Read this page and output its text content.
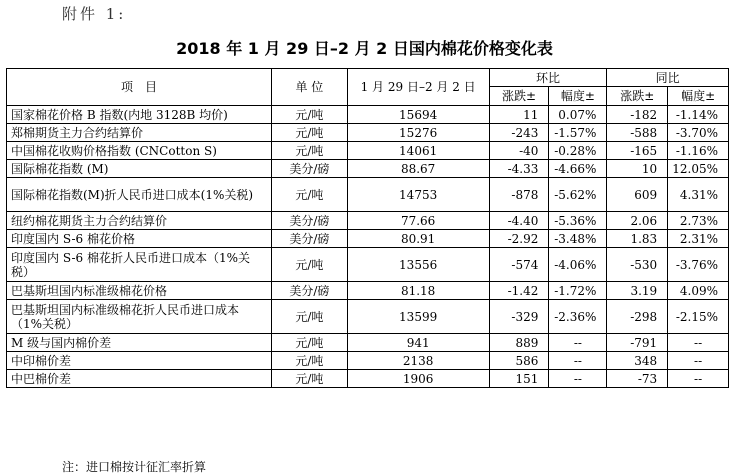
附件 1:
2018 年 1 月 29 日–2 月 2 日国内棉花价格变化表
项　目	单 位	1 月 29 日–2 月 2 日	环比		同比	
			涨跌±	幅度±	涨跌±	幅度±
国家棉花价格 B 指数(内地 3128B 均价)	元/吨	15694	11	0.07%	-182	-1.14%
郑棉期货主力合约结算价	元/吨	15276	-243	-1.57%	-588	-3.70%
中国棉花收购价格指数 (CNCotton S)	元/吨	14061	-40	-0.28%	-165	-1.16%
国际棉花指数 (M)	美分/磅	88.67	-4.33	-4.66%	10	12.05%
国际棉花指数(M)折人民币进口成本(1%关税)	元/吨	14753	-878	-5.62%	609	4.31%
纽约棉花期货主力合约结算价	美分/磅	77.66	-4.40	-5.36%	2.06	2.73%
印度国内 S-6 棉花价格	美分/磅	80.91	-2.92	-3.48%	1.83	2.31%
印度国内 S-6 棉花折人民币进口成本（1%关税）	元/吨	13556	-574	-4.06%	-530	-3.76%
巴基斯坦国内标准级棉花价格	美分/磅	81.18	-1.42	-1.72%	3.19	4.09%
巴基斯坦国内标准级棉花折人民币进口成本（1%关税）	元/吨	13599	-329	-2.36%	-298	-2.15%
M 级与国内棉价差	元/吨	941	889	--	-791	--
中印棉价差	元/吨	2138	586	--	348	--
中巴棉价差	元/吨	1906	151	--	-73	--
注：进口棉按计征汇率折算
